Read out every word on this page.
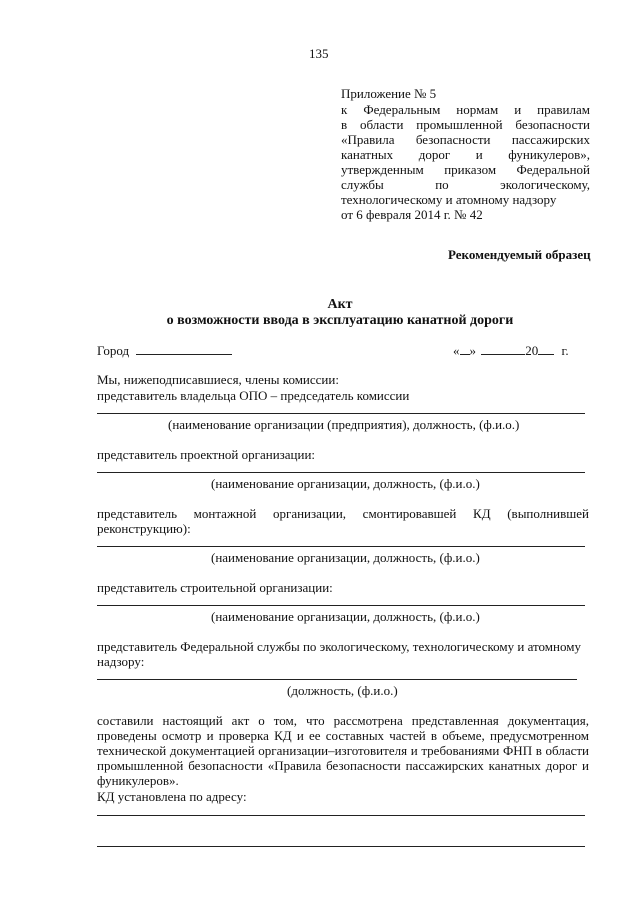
135
Приложение № 5
к Федеральным нормам и правилам
в области промышленной безопасности
«Правила безопасности пассажирских
канатных дорог и фуникулеров»,
утвержденным приказом Федеральной
службы по экологическому,
технологическому и атомному надзору
от 6 февраля 2014 г. № 42
Рекомендуемый образец
Акт
о возможности ввода в эксплуатацию канатной дороги
Город	« »	20 г.
Мы, нижеподписавшиеся, члены комиссии:
представитель владельца ОПО – председатель комиссии
(наименование организации (предприятия), должность, (ф.и.о.)
представитель проектной организации:
(наименование организации, должность, (ф.и.о.)
представитель монтажной организации, смонтировавшей КД (выполнившей
реконструкцию):
(наименование организации, должность, (ф.и.о.)
представитель строительной организации:
(наименование организации, должность, (ф.и.о.)
представитель Федеральной службы по экологическому, технологическому и атомному
надзору:
(должность, (ф.и.о.)
составили настоящий акт о том, что рассмотрена представленная документация,
проведены осмотр и проверка КД и ее составных частей в объеме, предусмотренном
технической документацией организации–изготовителя и требованиями ФНП в области
промышленной безопасности «Правила безопасности пассажирских канатных дорог и
фуникулеров».
КД установлена по адресу:
